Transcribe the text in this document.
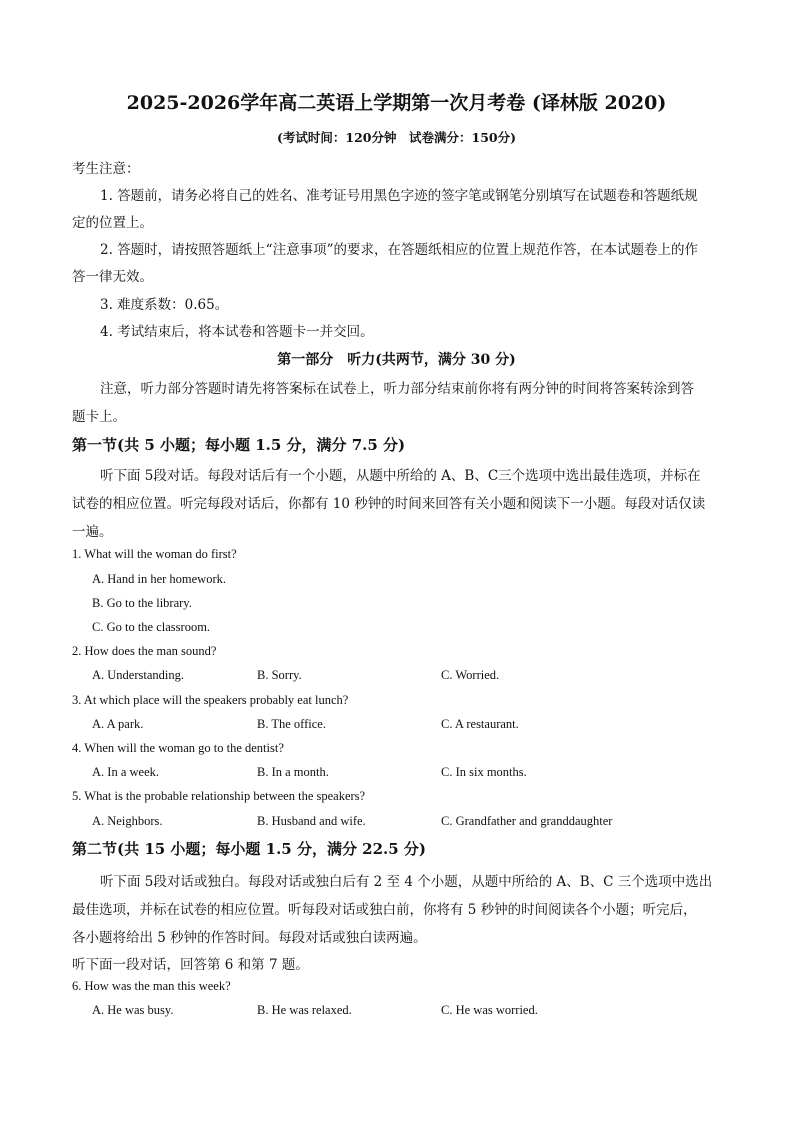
2025-2026学年高二英语上学期第一次月考卷 (译林版 2020)
(考试时间：120分钟　试卷满分：150分)
考生注意：
1. 答题前，请务必将自己的姓名、准考证号用黑色字迹的签字笔或钢笔分别填写在试题卷和答题纸规
定的位置上。
2. 答题时，请按照答题纸上“注意事项”的要求，在答题纸相应的位置上规范作答，在本试题卷上的作
答一律无效。
3. 难度系数：0.65。
4. 考试结束后，将本试卷和答题卡一并交回。
第一部分　听力(共两节，满分 30 分)
注意，听力部分答题时请先将答案标在试卷上，听力部分结束前你将有两分钟的时间将答案转涂到答
题卡上。
第一节(共 5 小题；每小题 1.5 分，满分 7.5 分)
听下面 5段对话。每段对话后有一个小题，从题中所给的 A、B、C三个选项中选出最佳选项，并标在
试卷的相应位置。听完每段对话后，你都有 10 秒钟的时间来回答有关小题和阅读下一小题。每段对话仅读
一遍。
1. What will the woman do first?
A. Hand in her homework.
B. Go to the library.
C. Go to the classroom.
2. How does the man sound?
A. Understanding.	B. Sorry.	C. Worried.
3. At which place will the speakers probably eat lunch?
A. A park.	B. The office.	C. A restaurant.
4. When will the woman go to the dentist?
A. In a week.	B. In a month.	C. In six months.
5. What is the probable relationship between the speakers?
A. Neighbors.	B. Husband and wife.	C. Grandfather and granddaughter
第二节(共 15 小题；每小题 1.5 分，满分 22.5 分)
听下面 5段对话或独白。每段对话或独白后有 2 至 4 个小题，从题中所给的 A、B、C 三个选项中选出
最佳选项，并标在试卷的相应位置。听每段对话或独白前，你将有 5 秒钟的时间阅读各个小题；听完后，
各小题将给出 5 秒钟的作答时间。每段对话或独白读两遍。
听下面一段对话，回答第 6 和第 7 题。
6. How was the man this week?
A. He was busy.	B. He was relaxed.	C. He was worried.
